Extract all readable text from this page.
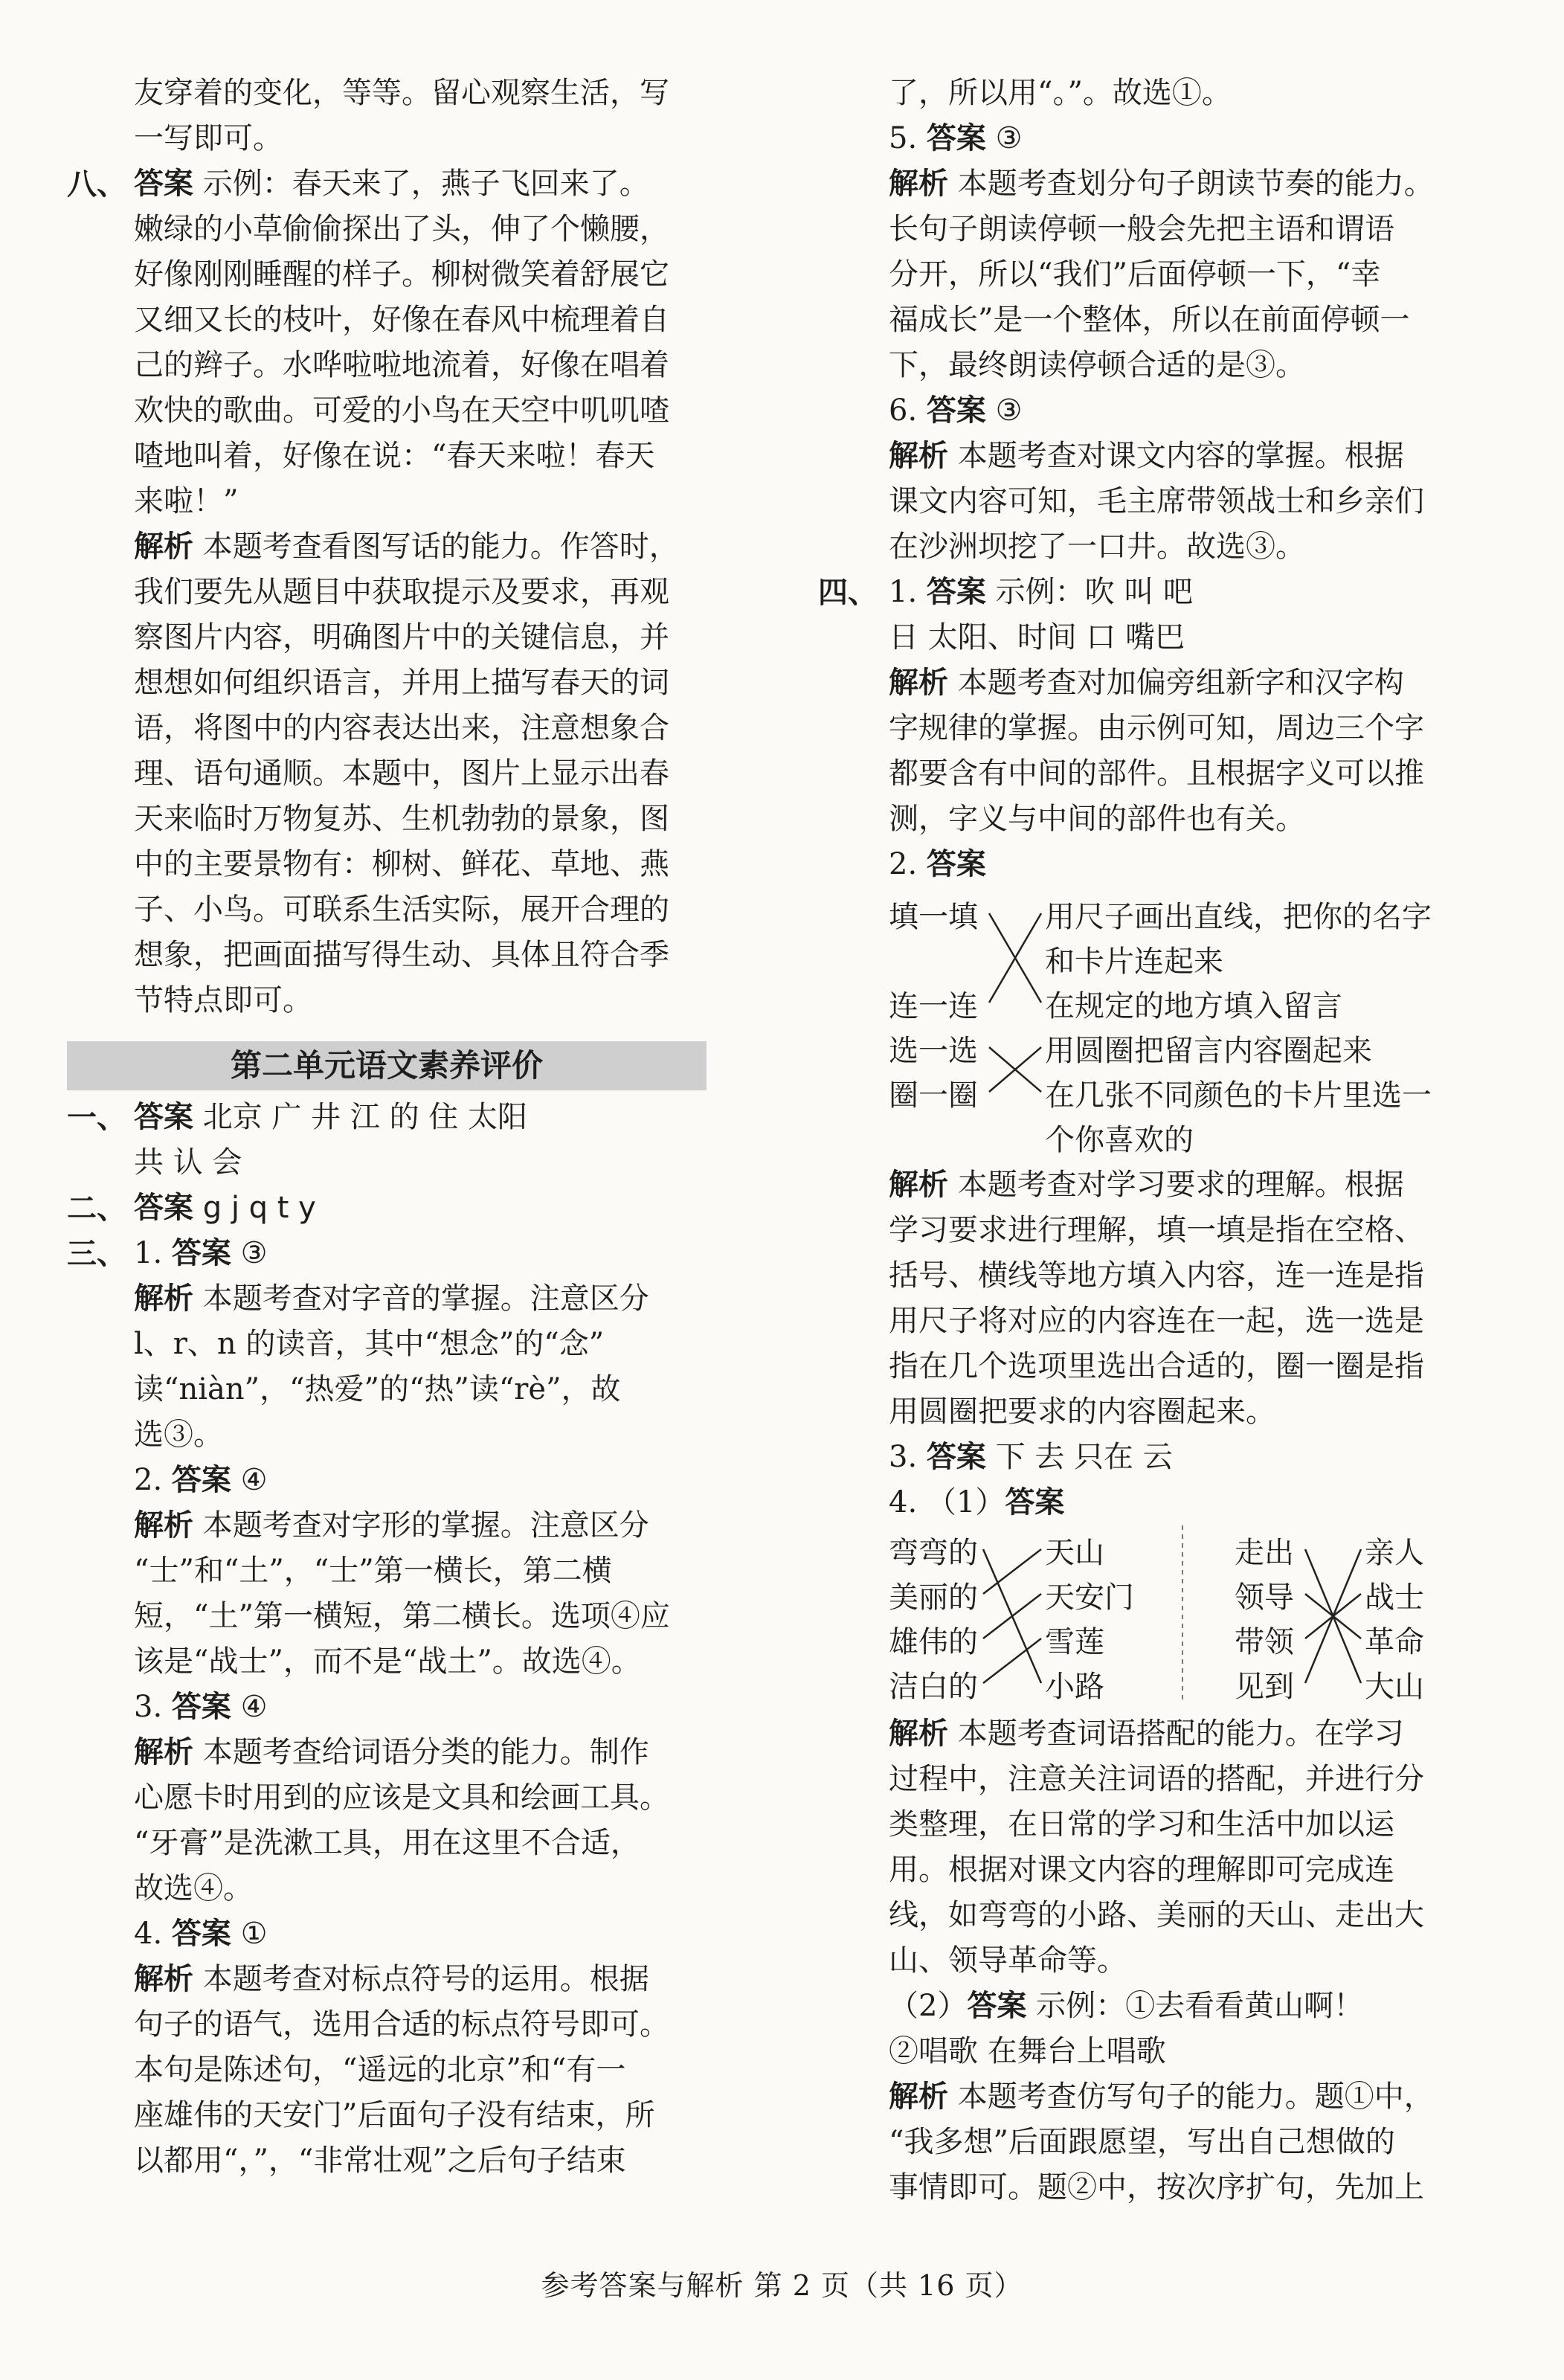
友穿着的变化，等等。留心观察生活，写
一写即可。
八、 答案 示例：春天来了，燕子飞回来了。
嫩绿的小草偷偷探出了头，伸了个懒腰，
好像刚刚睡醒的样子。柳树微笑着舒展它
又细又长的枝叶，好像在春风中梳理着自
己的辫子。水哗啦啦地流着，好像在唱着
欢快的歌曲。可爱的小鸟在天空中叽叽喳
喳地叫着，好像在说：“春天来啦！春天
来啦！”
解析 本题考查看图写话的能力。作答时，
我们要先从题目中获取提示及要求，再观
察图片内容，明确图片中的关键信息，并
想想如何组织语言，并用上描写春天的词
语，将图中的内容表达出来，注意想象合
理、语句通顺。本题中，图片上显示出春
天来临时万物复苏、生机勃勃的景象，图
中的主要景物有：柳树、鲜花、草地、燕
子、小鸟。可联系生活实际，展开合理的
想象，把画面描写得生动、具体且符合季
节特点即可。
第二单元语文素养评价
一、 答案 北京 广 井 江 的 住 太阳
共 认 会
二、 答案 g j q t y
三、 1. 答案 ③
解析 本题考查对字音的掌握。注意区分
l、r、n 的读音，其中“想念”的“念”
读“niàn”，“热爱”的“热”读“rè”，故
选③。
2. 答案 ④
解析 本题考查对字形的掌握。注意区分
“士”和“土”，“士”第一横长，第二横
短，“土”第一横短，第二横长。选项④应
该是“战士”，而不是“战土”。故选④。
3. 答案 ④
解析 本题考查给词语分类的能力。制作
心愿卡时用到的应该是文具和绘画工具。
“牙膏”是洗漱工具，用在这里不合适，
故选④。
4. 答案 ①
解析 本题考查对标点符号的运用。根据
句子的语气，选用合适的标点符号即可。
本句是陈述句，“遥远的北京”和“有一
座雄伟的天安门”后面句子没有结束，所
以都用“，”，“非常壮观”之后句子结束
了，所以用“。”。故选①。
5. 答案 ③
解析 本题考查划分句子朗读节奏的能力。
长句子朗读停顿一般会先把主语和谓语
分开，所以“我们”后面停顿一下，“幸
福成长”是一个整体，所以在前面停顿一
下，最终朗读停顿合适的是③。
6. 答案 ③
解析 本题考查对课文内容的掌握。根据
课文内容可知，毛主席带领战士和乡亲们
在沙洲坝挖了一口井。故选③。
四、 1. 答案 示例：吹 叫 吧
日 太阳、时间 口 嘴巴
解析 本题考查对加偏旁组新字和汉字构
字规律的掌握。由示例可知，周边三个字
都要含有中间的部件。且根据字义可以推
测，字义与中间的部件也有关。
2. 答案
填一填
连一连
选一选
圈一圈
用尺子画出直线，把你的名字
和卡片连起来
在规定的地方填入留言
用圆圈把留言内容圈起来
在几张不同颜色的卡片里选一
个你喜欢的
解析 本题考查对学习要求的理解。根据
学习要求进行理解，填一填是指在空格、
括号、横线等地方填入内容，连一连是指
用尺子将对应的内容连在一起，选一选是
指在几个选项里选出合适的，圈一圈是指
用圆圈把要求的内容圈起来。
3. 答案 下 去 只在 云
4. （1）答案
弯弯的
美丽的
雄伟的
洁白的
天山
天安门
雪莲
小路
走出
领导
带领
见到
亲人
战士
革命
大山
解析 本题考查词语搭配的能力。在学习
过程中，注意关注词语的搭配，并进行分
类整理，在日常的学习和生活中加以运
用。根据对课文内容的理解即可完成连
线，如弯弯的小路、美丽的天山、走出大
山、领导革命等。
（2）答案 示例：①去看看黄山啊！
②唱歌 在舞台上唱歌
解析 本题考查仿写句子的能力。题①中，
“我多想”后面跟愿望，写出自己想做的
事情即可。题②中，按次序扩句，先加上
参考答案与解析 第 2 页（共 16 页）
